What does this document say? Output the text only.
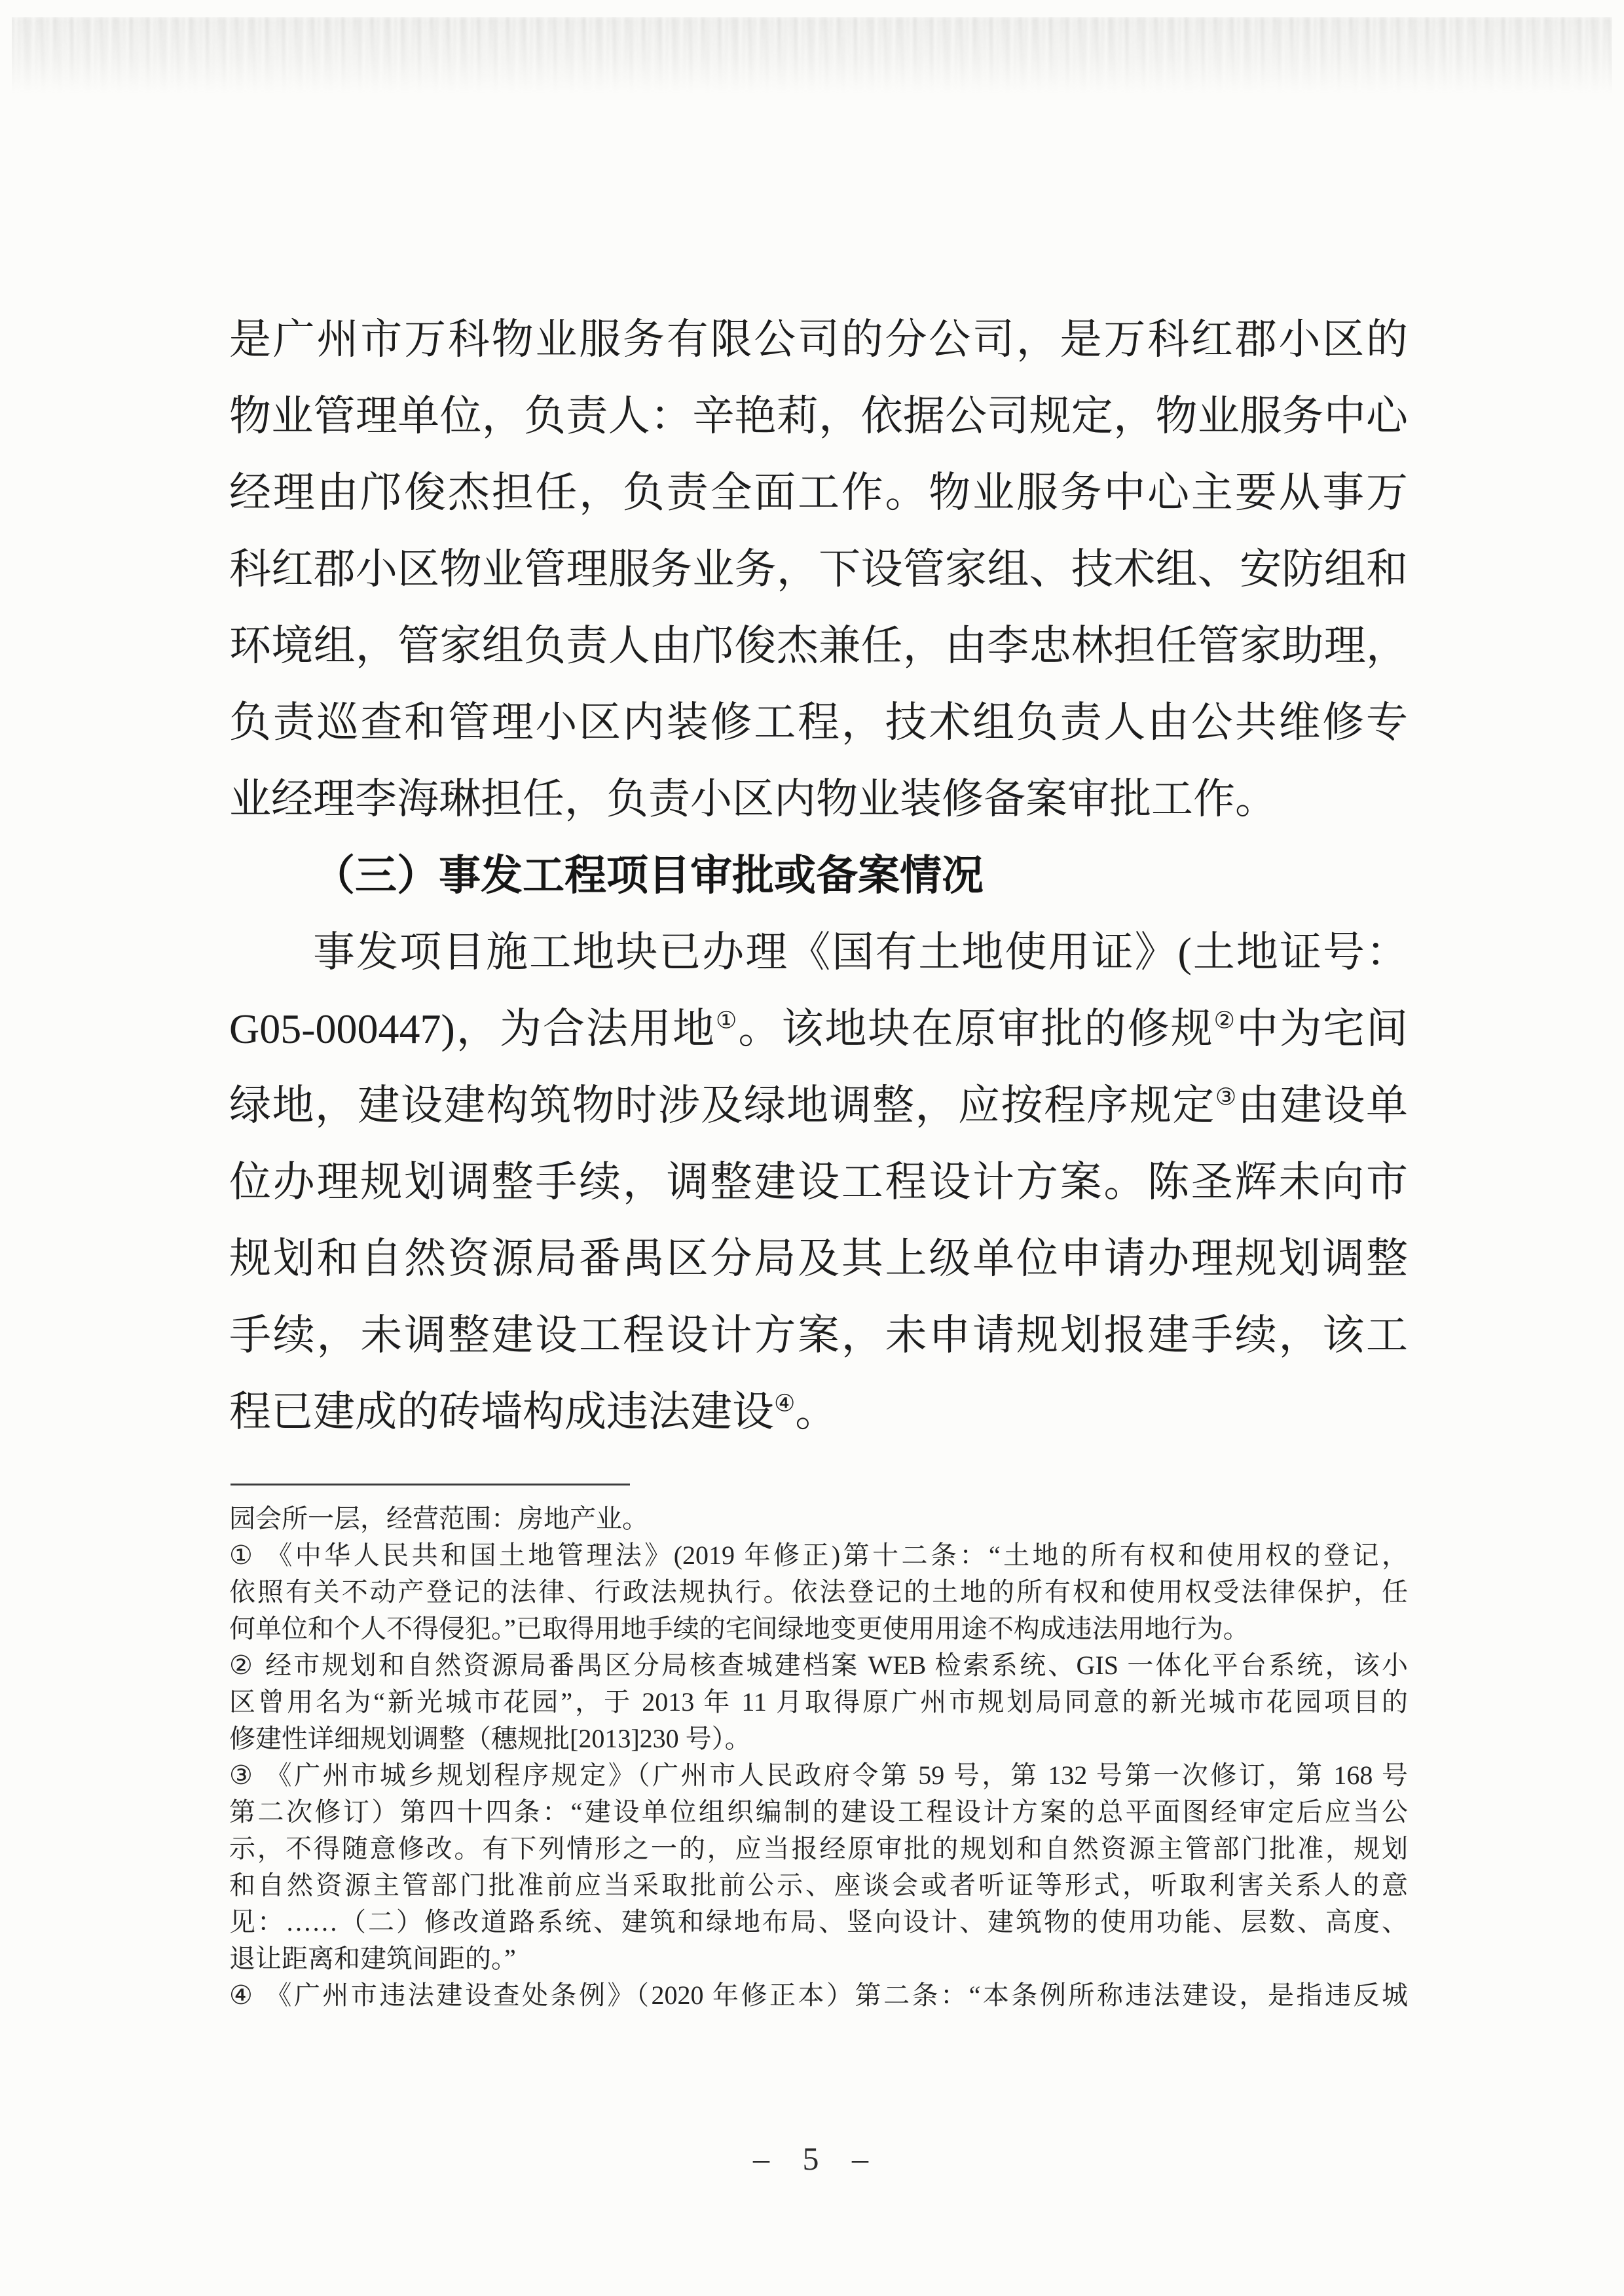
是广州市万科物业服务有限公司的分公司，是万科红郡小区的
物业管理单位，负责人：辛艳莉，依据公司规定，物业服务中心
经理由邝俊杰担任，负责全面工作。物业服务中心主要从事万
科红郡小区物业管理服务业务，下设管家组、技术组、安防组和
环境组，管家组负责人由邝俊杰兼任，由李忠林担任管家助理，
负责巡查和管理小区内装修工程，技术组负责人由公共维修专
业经理李海琳担任，负责小区内物业装修备案审批工作。
（三）事发工程项目审批或备案情况
事发项目施工地块已办理《国有土地使用证》(土地证号：
G05-000447)，为合法用地①。该地块在原审批的修规②中为宅间
绿地，建设建构筑物时涉及绿地调整，应按程序规定③由建设单
位办理规划调整手续，调整建设工程设计方案。陈圣辉未向市
规划和自然资源局番禺区分局及其上级单位申请办理规划调整
手续，未调整建设工程设计方案，未申请规划报建手续，该工
程已建成的砖墙构成违法建设④。
园会所一层，经营范围：房地产业。
① 《中华人民共和国土地管理法》(2019 年修正)第十二条：“土地的所有权和使用权的登记，
依照有关不动产登记的法律、行政法规执行。依法登记的土地的所有权和使用权受法律保护，任
何单位和个人不得侵犯。”已取得用地手续的宅间绿地变更使用用途不构成违法用地行为。
② 经市规划和自然资源局番禺区分局核查城建档案 WEB 检索系统、GIS 一体化平台系统，该小
区曾用名为“新光城市花园”，于 2013 年 11 月取得原广州市规划局同意的新光城市花园项目的
修建性详细规划调整（穗规批[2013]230 号）。
③ 《广州市城乡规划程序规定》（广州市人民政府令第 59 号，第 132 号第一次修订，第 168 号
第二次修订）第四十四条：“建设单位组织编制的建设工程设计方案的总平面图经审定后应当公
示，不得随意修改。有下列情形之一的，应当报经原审批的规划和自然资源主管部门批准，规划
和自然资源主管部门批准前应当采取批前公示、座谈会或者听证等形式，听取利害关系人的意
见：……（二）修改道路系统、建筑和绿地布局、竖向设计、建筑物的使用功能、层数、高度、
退让距离和建筑间距的。”
④ 《广州市违法建设查处条例》（2020 年修正本）第二条：“本条例所称违法建设，是指违反城
– 5 –
